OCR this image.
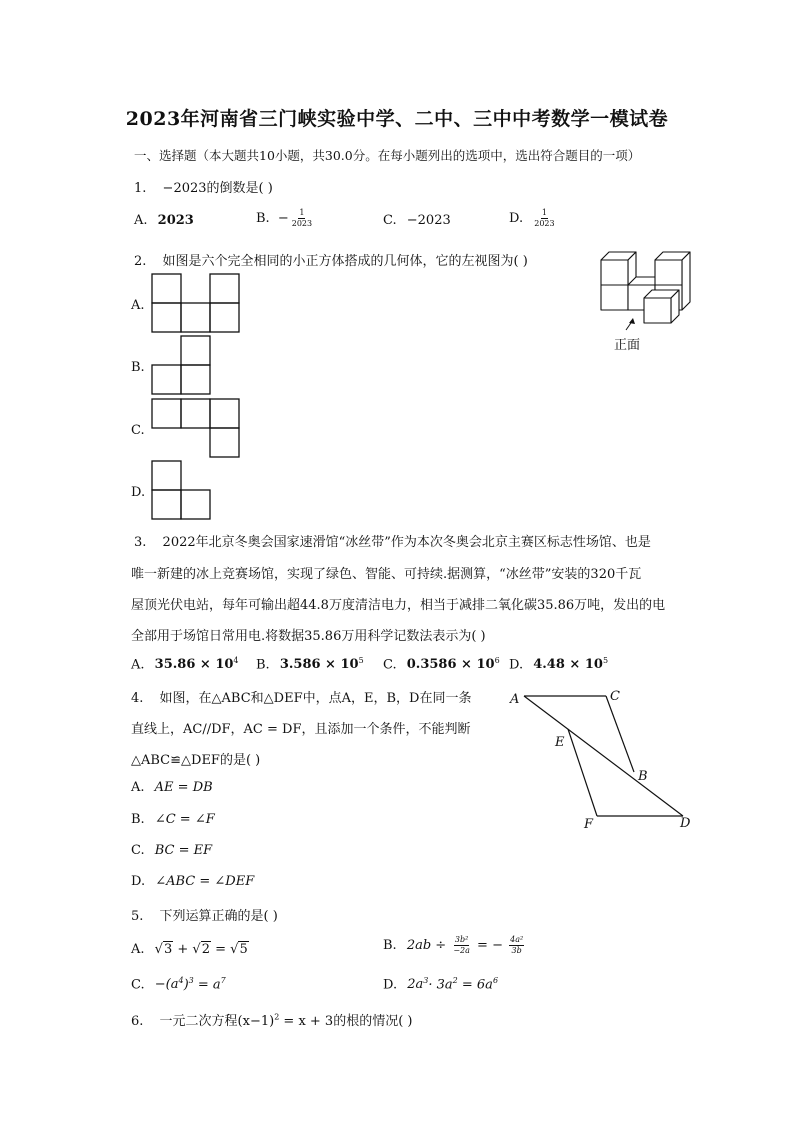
2023年河南省三门峡实验中学、二中、三中中考数学一模试卷
一、选择题（本大题共10小题，共30.0分。在每小题列出的选项中，选出符合题目的一项）
1. −2023的倒数是( )
A. 2023	B. − $\frac{1}{2023}$	C. −2023	D. $\frac{1}{2023}$
2. 如图是六个完全相同的小正方体搭成的几何体，它的左视图为( )
A.
B.
C.
D.
正面
3. 2022年北京冬奥会国家速滑馆“冰丝带”作为本次冬奥会北京主赛区标志性场馆、也是
唯一新建的冰上竞赛场馆，实现了绿色、智能、可持续.据测算，“冰丝带”安装的320千瓦
屋顶光伏电站，每年可输出超44.8万度清洁电力，相当于减排二氧化碳35.86万吨，发出的电
全部用于场馆日常用电.将数据35.86万用科学记数法表示为( )
A. $35.86 \times 10^4$ B. $3.586 \times 10^5$ C. $0.3586 \times 10^6$ D. $4.48 \times 10^5$
4. 如图，在△ABC和△DEF中，点A，E，B，D在同一条
直线上，AC//DF，AC = DF，且添加一个条件，不能判断
△ABC≌△DEF的是( )
A. AE = DB
B. ∠C = ∠F
C. BC = EF
D. ∠ABC = ∠DEF
A	C
E
B
F	D
5. 下列运算正确的是( )
A. √3 + √2 = √5	B. $2ab \div \frac{\text{3b²}}{-2a}$ = − $\frac{\text{4a²}}{3b}$
C. $-(a^4)^3 = a^7$	D. $2a^3\cdot 3a^2 = 6a^6$
6. 一元二次方程$(x-1)^2 = x + 3$的根的情况( )
